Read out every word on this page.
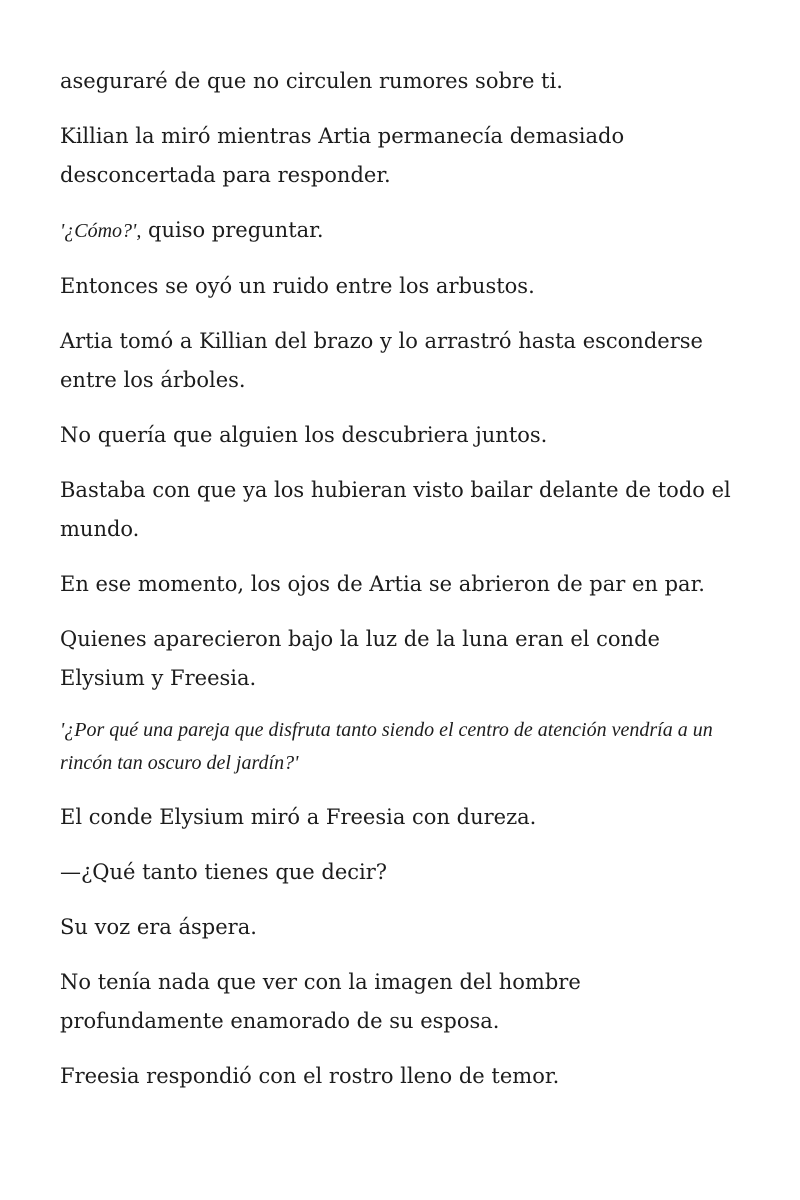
aseguraré de que no circulen rumores sobre ti.

Killian la miró mientras Artia permanecía demasiado desconcertada para responder.

'¿Cómo?', quiso preguntar.

Entonces se oyó un ruido entre los arbustos.

Artia tomó a Killian del brazo y lo arrastró hasta esconderse entre los árboles.

No quería que alguien los descubriera juntos.

Bastaba con que ya los hubieran visto bailar delante de todo el mundo.

En ese momento, los ojos de Artia se abrieron de par en par.

Quienes aparecieron bajo la luz de la luna eran el conde Elysium y Freesia.

'¿Por qué una pareja que disfruta tanto siendo el centro de atención vendría a un rincón tan oscuro del jardín?'

El conde Elysium miró a Freesia con dureza.

—¿Qué tanto tienes que decir?

Su voz era áspera.

No tenía nada que ver con la imagen del hombre profundamente enamorado de su esposa.

Freesia respondió con el rostro lleno de temor.
